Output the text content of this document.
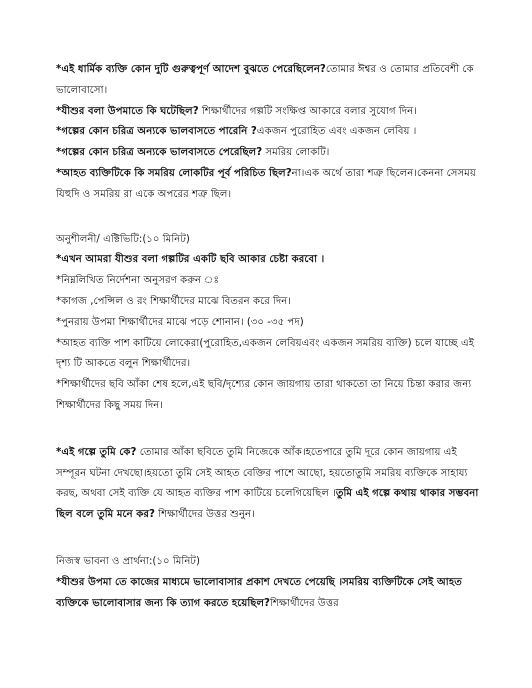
*এই ধার্মিক ব্যক্তি কোন দুটি গুরুত্বপূর্ণ আদেশ বুঝতে পেরেছিলেন?তোমার ঈশ্বর ও তোমার প্রতিবেশী কে ভালোবাসো।

*যীশুর বলা উপমাতে কি ঘটেছিল? শিক্ষার্থীদের গল্পটি সংক্ষিপ্ত আকারে বলার সুযোগ দিন।

*গল্পের কোন চরিত্র অন্যকে ভালবাসতে পারেনি ?একজন পুরোহিত এবং একজন লেবিয় ।

*গল্পের কোন চরিত্র অন্যকে ভালবাসতে পেরেছিল? সমরিয় লোকটি।

*আহত ব্যক্তিটিকে কি সমরিয় লোকটির পূর্ব পরিচিত ছিল?না।এক অর্থে তারা শত্রু ছিলেন।কেননা সেসময় যিহুদি ও সমরিয় রা একে অপরের শত্রু ছিল।

অনুশীলনী/ এক্টিভিটি:(১০ মিনিট)

*এখন আমরা যীশুর বলা গল্পটির একটি ছবি আকার চেষ্টা করবো ।

*নিম্নলিখিত নির্দেশনা অনুসরণ করুন ঃ

*কাগজ ,পেন্সিল ও রং শিক্ষার্থীদের মাঝে বিতরন করে দিন।

*পুনরায় উপমা শিক্ষার্থীদের মাঝে পড়ে শোনান। (৩০ -৩৫ পদ)

*আহত ব্যক্তি পাশ কাটিয়ে লোকেরা(পুরোহিত,একজন লেবিয়এবং একজন সমরিয় ব্যক্তি) চলে যাচ্ছে এই দৃশ্য টি আকতে বলুন শিক্ষার্থীদের।

*শিক্ষার্থীদের ছবি আঁকা শেষ হলে,এই ছবি/দৃশ্যের কোন জায়গায় তারা থাকতো তা নিয়ে চিন্তা করার জন্য শিক্ষার্থীদের কিছু সময় দিন।

*এই গল্পে তুমি কে? তোমার আঁকা ছবিতে তুমি নিজেকে আঁক।হতেপারে তুমি দূরে কোন জায়গায় এই সম্পূরন ঘটনা দেখছো।হয়তো তুমি সেই আহত বেক্তির পাশে আছো, হয়তোতুমি সমরিয় ব্যক্তিকে সাহায্য করছ, অথবা সেই ব্যক্তি যে আহত ব্যক্তির পাশ কাটিয়ে চলেগিয়েছিল ।তুমি এই গল্পে কথায় থাকার সম্ভবনা ছিল বলে তুমি মনে কর? শিক্ষার্থীদের উত্তর শুনুন।

নিজস্ব ভাবনা ও প্রার্থনা:(১০ মিনিট)

*যীশুর উপমা তে কাজের মাধ্যমে ভালোবাসার প্রকাশ দেখতে পেয়েছি ।সমরিয় ব্যক্তিটিকে সেই আহত ব্যক্তিকে ভালোবাসার জন্য কি ত্যাগ করতে হয়েছিল?শিক্ষার্থীদের উত্তর
